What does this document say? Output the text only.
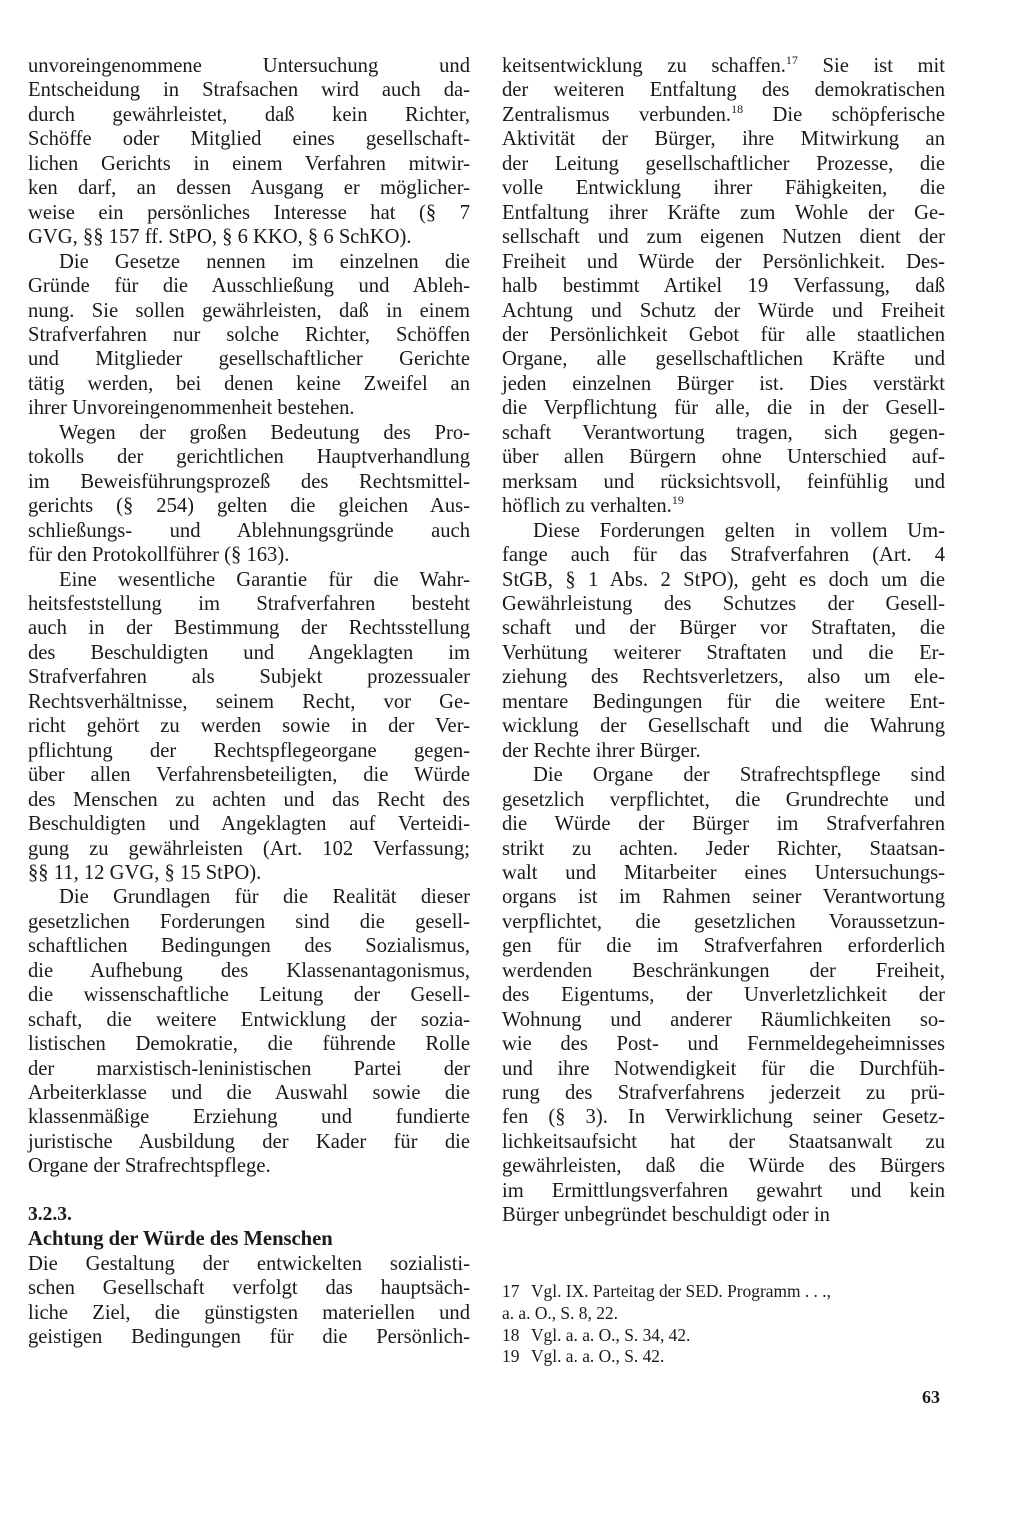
unvoreingenommene Untersuchung und
Entscheidung in Strafsachen wird auch da-
durch gewährleistet, daß kein Richter,
Schöffe oder Mitglied eines gesellschaft-
lichen Gerichts in einem Verfahren mitwir-
ken darf, an dessen Ausgang er möglicher-
weise ein persönliches Interesse hat (§ 7
GVG, §§ 157 ff. StPO, § 6 KKO, § 6 SchKO).
Die Gesetze nennen im einzelnen die
Gründe für die Ausschließung und Ableh-
nung. Sie sollen gewährleisten, daß in einem
Strafverfahren nur solche Richter, Schöffen
und Mitglieder gesellschaftlicher Gerichte
tätig werden, bei denen keine Zweifel an
ihrer Unvoreingenommenheit bestehen.
Wegen der großen Bedeutung des Pro-
tokolls der gerichtlichen Hauptverhandlung
im Beweisführungsprozeß des Rechtsmittel-
gerichts (§ 254) gelten die gleichen Aus-
schließungs- und Ablehnungsgründe auch
für den Protokollführer (§ 163).
Eine wesentliche Garantie für die Wahr-
heitsfeststellung im Strafverfahren besteht
auch in der Bestimmung der Rechtsstellung
des Beschuldigten und Angeklagten im
Strafverfahren als Subjekt prozessualer
Rechtsverhältnisse, seinem Recht, vor Ge-
richt gehört zu werden sowie in der Ver-
pflichtung der Rechtspflegeorgane gegen-
über allen Verfahrensbeteiligten, die Würde
des Menschen zu achten und das Recht des
Beschuldigten und Angeklagten auf Verteidi-
gung zu gewährleisten (Art. 102 Verfassung;
§§ 11, 12 GVG, § 15 StPO).
Die Grundlagen für die Realität dieser
gesetzlichen Forderungen sind die gesell-
schaftlichen Bedingungen des Sozialismus,
die Aufhebung des Klassenantagonismus,
die wissenschaftliche Leitung der Gesell-
schaft, die weitere Entwicklung der sozia-
listischen Demokratie, die führende Rolle
der marxistisch-leninistischen Partei der
Arbeiterklasse und die Auswahl sowie die
klassenmäßige Erziehung und fundierte
juristische Ausbildung der Kader für die
Organe der Strafrechtspflege.
3.2.3.
Achtung der Würde des Menschen
Die Gestaltung der entwickelten sozialisti-
schen Gesellschaft verfolgt das hauptsäch-
liche Ziel, die günstigsten materiellen und
geistigen Bedingungen für die Persönlich-
keitsentwicklung zu schaffen.$^{17}$ Sie ist mit
der weiteren Entfaltung des demokratischen
Zentralismus verbunden.$^{18}$ Die schöpferische
Aktivität der Bürger, ihre Mitwirkung an
der Leitung gesellschaftlicher Prozesse, die
volle Entwicklung ihrer Fähigkeiten, die
Entfaltung ihrer Kräfte zum Wohle der Ge-
sellschaft und zum eigenen Nutzen dient der
Freiheit und Würde der Persönlichkeit. Des-
halb bestimmt Artikel 19 Verfassung, daß
Achtung und Schutz der Würde und Freiheit
der Persönlichkeit Gebot für alle staatlichen
Organe, alle gesellschaftlichen Kräfte und
jeden einzelnen Bürger ist. Dies verstärkt
die Verpflichtung für alle, die in der Gesell-
schaft Verantwortung tragen, sich gegen-
über allen Bürgern ohne Unterschied auf-
merksam und rücksichtsvoll, feinfühlig und
höflich zu verhalten.$^{19}$
Diese Forderungen gelten in vollem Um-
fange auch für das Strafverfahren (Art. 4
StGB, § 1 Abs. 2 StPO), geht es doch um die
Gewährleistung des Schutzes der Gesell-
schaft und der Bürger vor Straftaten, die
Verhütung weiterer Straftaten und die Er-
ziehung des Rechtsverletzers, also um ele-
mentare Bedingungen für die weitere Ent-
wicklung der Gesellschaft und die Wahrung
der Rechte ihrer Bürger.
Die Organe der Strafrechtspflege sind
gesetzlich verpflichtet, die Grundrechte und
die Würde der Bürger im Strafverfahren
strikt zu achten. Jeder Richter, Staatsan-
walt und Mitarbeiter eines Untersuchungs-
organs ist im Rahmen seiner Verantwortung
verpflichtet, die gesetzlichen Voraussetzun-
gen für die im Strafverfahren erforderlich
werdenden Beschränkungen der Freiheit,
des Eigentums, der Unverletzlichkeit der
Wohnung und anderer Räumlichkeiten so-
wie des Post- und Fernmeldegeheimnisses
und ihre Notwendigkeit für die Durchfüh-
rung des Strafverfahrens jederzeit zu prü-
fen (§ 3). In Verwirklichung seiner Gesetz-
lichkeitsaufsicht hat der Staatsanwalt zu
gewährleisten, daß die Würde des Bürgers
im Ermittlungsverfahren gewahrt und kein
Bürger unbegründet beschuldigt oder in
17 Vgl. IX. Parteitag der SED. Programm . . .,
a. a. O., S. 8, 22.
18 Vgl. a. a. O., S. 34, 42.
19 Vgl. a. a. O., S. 42.
63
